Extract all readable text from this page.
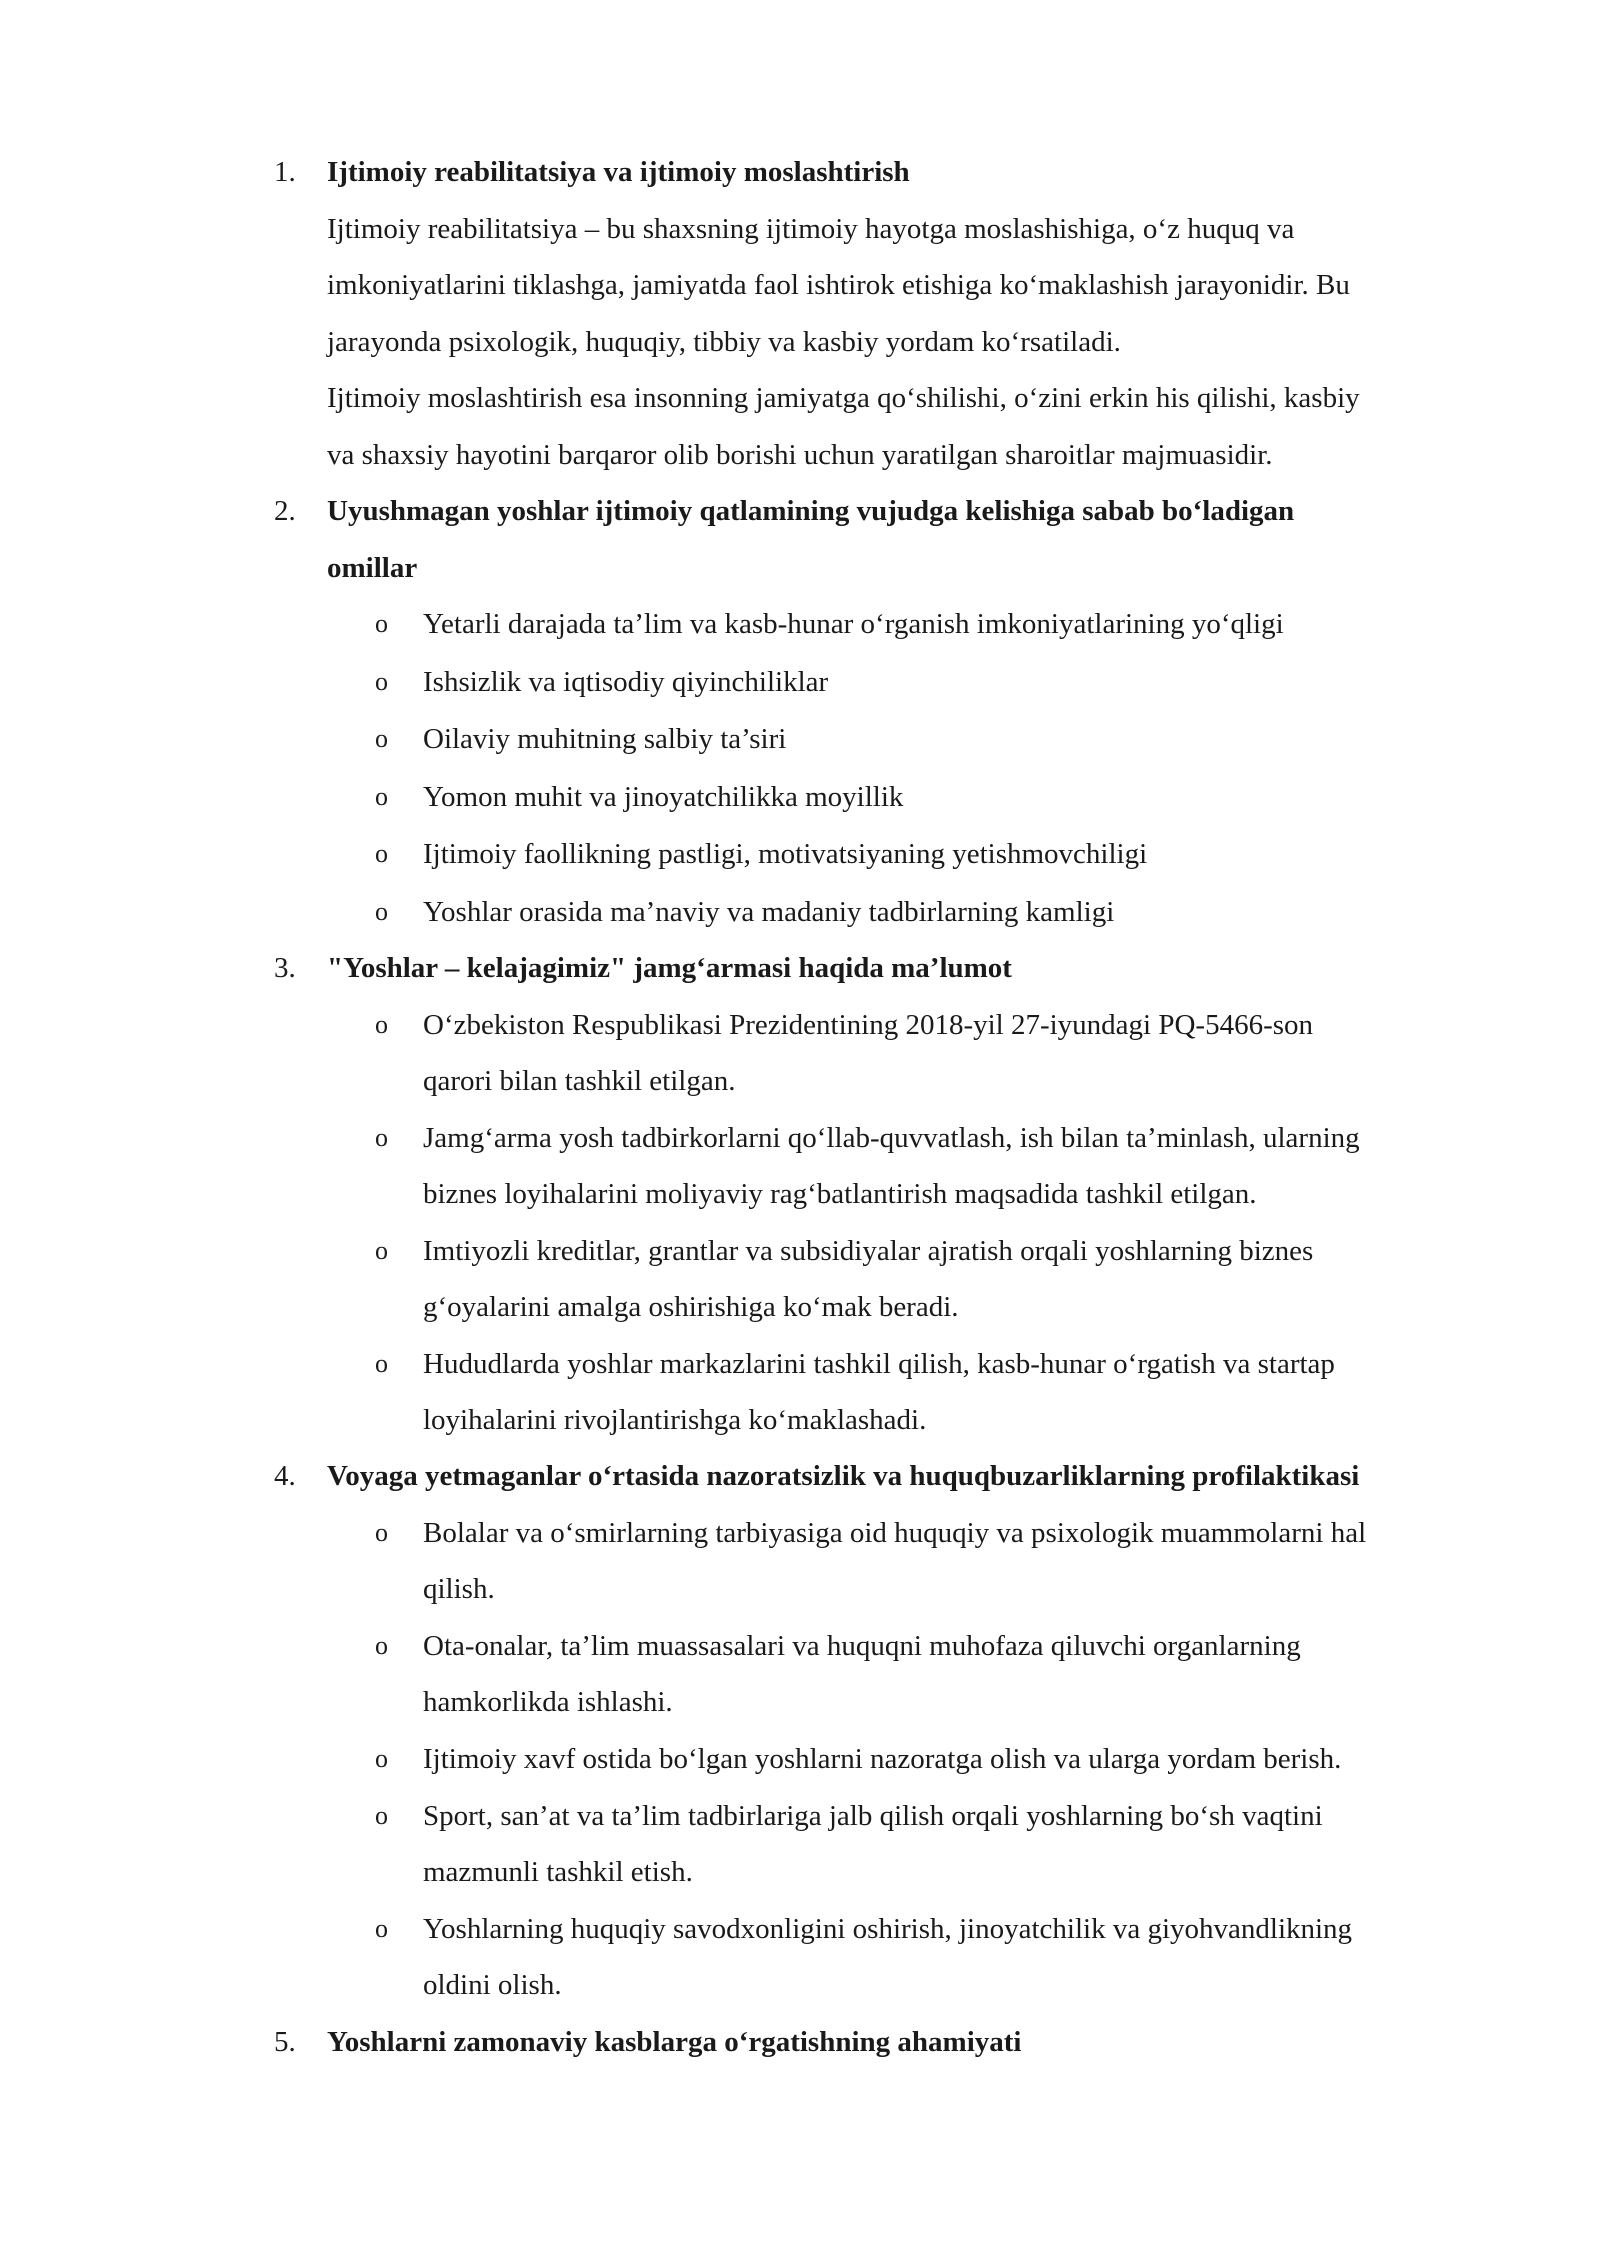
1. Ijtimoiy reabilitatsiya va ijtimoiy moslashtirish
Ijtimoiy reabilitatsiya – bu shaxsning ijtimoiy hayotga moslashishiga, o‘z huquq va
imkoniyatlarini tiklashga, jamiyatda faol ishtirok etishiga ko‘maklashish jarayonidir. Bu
jarayonda psixologik, huquqiy, tibbiy va kasbiy yordam ko‘rsatiladi.
Ijtimoiy moslashtirish esa insonning jamiyatga qo‘shilishi, o‘zini erkin his qilishi, kasbiy
va shaxsiy hayotini barqaror olib borishi uchun yaratilgan sharoitlar majmuasidir.
2. Uyushmagan yoshlar ijtimoiy qatlamining vujudga kelishiga sabab bo‘ladigan
omillar
o Yetarli darajada ta’lim va kasb-hunar o‘rganish imkoniyatlarining yo‘qligi
o Ishsizlik va iqtisodiy qiyinchiliklar
o Oilaviy muhitning salbiy ta’siri
o Yomon muhit va jinoyatchilikka moyillik
o Ijtimoiy faollikning pastligi, motivatsiyaning yetishmovchiligi
o Yoshlar orasida ma’naviy va madaniy tadbirlarning kamligi
3. "Yoshlar – kelajagimiz" jamg‘armasi haqida ma’lumot
o O‘zbekiston Respublikasi Prezidentining 2018-yil 27-iyundagi PQ-5466-son
qarori bilan tashkil etilgan.
o Jamg‘arma yosh tadbirkorlarni qo‘llab-quvvatlash, ish bilan ta’minlash, ularning
biznes loyihalarini moliyaviy rag‘batlantirish maqsadida tashkil etilgan.
o Imtiyozli kreditlar, grantlar va subsidiyalar ajratish orqali yoshlarning biznes
g‘oyalarini amalga oshirishiga ko‘mak beradi.
o Hududlarda yoshlar markazlarini tashkil qilish, kasb-hunar o‘rgatish va startap
loyihalarini rivojlantirishga ko‘maklashadi.
4. Voyaga yetmaganlar o‘rtasida nazoratsizlik va huquqbuzarliklarning profilaktikasi
o Bolalar va o‘smirlarning tarbiyasiga oid huquqiy va psixologik muammolarni hal
qilish.
o Ota-onalar, ta’lim muassasalari va huquqni muhofaza qiluvchi organlarning
hamkorlikda ishlashi.
o Ijtimoiy xavf ostida bo‘lgan yoshlarni nazoratga olish va ularga yordam berish.
o Sport, san’at va ta’lim tadbirlariga jalb qilish orqali yoshlarning bo‘sh vaqtini
mazmunli tashkil etish.
o Yoshlarning huquqiy savodxonligini oshirish, jinoyatchilik va giyohvandlikning
oldini olish.
5. Yoshlarni zamonaviy kasblarga o‘rgatishning ahamiyati
